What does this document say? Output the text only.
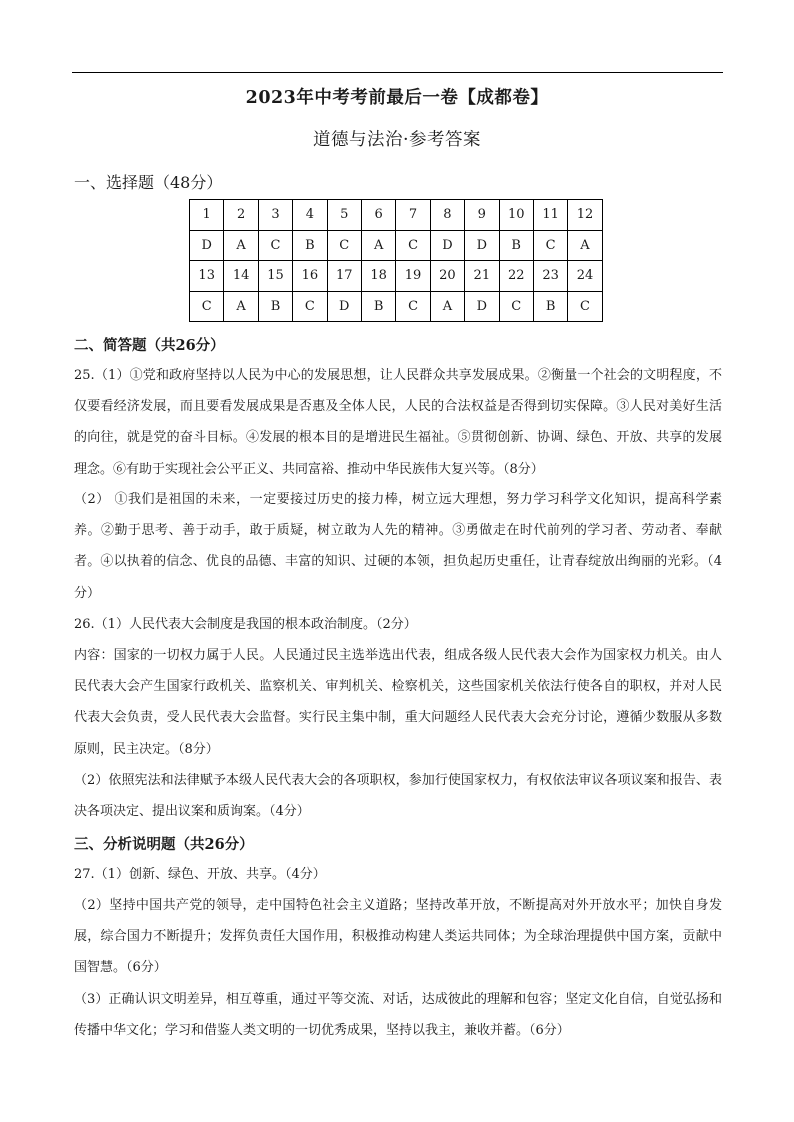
2023年中考考前最后一卷【成都卷】
道德与法治·参考答案
一、选择题（48分）
1	2	3	4	5	6	7	8	9	10	11	12
D	A	C	B	C	A	C	D	D	B	C	A
13	14	15	16	17	18	19	20	21	22	23	24
C	A	B	C	D	B	C	A	D	C	B	C
二、简答题（共26分）

25.（1）①党和政府坚持以人民为中心的发展思想，让人民群众共享发展成果。②衡量一个社会的文明程度，不仅要看经济发展，而且要看发展成果是否惠及全体人民，人民的合法权益是否得到切实保障。③人民对美好生活的向往，就是党的奋斗目标。④发展的根本目的是增进民生福祉。⑤贯彻创新、协调、绿色、开放、共享的发展理念。⑥有助于实现社会公平正义、共同富裕、推动中华民族伟大复兴等。（8分）

（2） ①我们是祖国的未来，一定要接过历史的接力棒，树立远大理想，努力学习科学文化知识，提高科学素养。②勤于思考、善于动手，敢于质疑，树立敢为人先的精神。③勇做走在时代前列的学习者、劳动者、奉献者。④以执着的信念、优良的品德、丰富的知识、过硬的本领，担负起历史重任，让青春绽放出绚丽的光彩。（4分）

26.（1）人民代表大会制度是我国的根本政治制度。（2分）

内容：国家的一切权力属于人民。人民通过民主选举选出代表，组成各级人民代表大会作为国家权力机关。由人民代表大会产生国家行政机关、监察机关、审判机关、检察机关，这些国家机关依法行使各自的职权，并对人民代表大会负责，受人民代表大会监督。实行民主集中制，重大问题经人民代表大会充分讨论，遵循少数服从多数原则，民主决定。（8分）

（2）依照宪法和法律赋予本级人民代表大会的各项职权，参加行使国家权力，有权依法审议各项议案和报告、表决各项决定、提出议案和质询案。（4分）

三、分析说明题（共26分）

27.（1）创新、绿色、开放、共享。（4分）

（2）坚持中国共产党的领导，走中国特色社会主义道路；坚持改革开放，不断提高对外开放水平；加快自身发展，综合国力不断提升；发挥负责任大国作用，积极推动构建人类运共同体；为全球治理提供中国方案，贡献中国智慧。（6分）

（3）正确认识文明差异，相互尊重，通过平等交流、对话，达成彼此的理解和包容；坚定文化自信，自觉弘扬和传播中华文化；学习和借鉴人类文明的一切优秀成果，坚持以我主，兼收并蓄。（6分）
